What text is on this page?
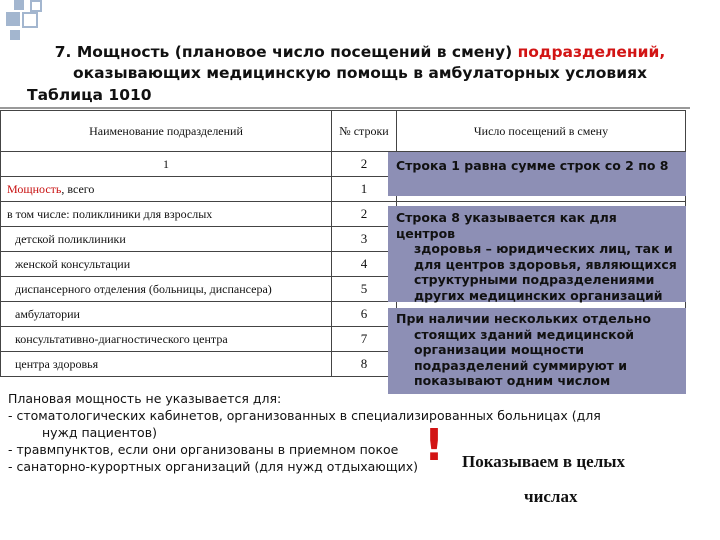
7. Мощность (плановое число посещений в смену) подразделений,
оказывающих медицинскую помощь в амбулаторных условиях
Таблица 1010
Наименование подразделений	№ строки	Число посещений в смену
1	2	
Мощность, всего	1	
в том числе: поликлиники для взрослых	2	
детской поликлиники	3	
женской консультации	4	
диспансерного отделения (больницы, диспансера)	5	
амбулатории	6	
консультативно-диагностического центра	7	
центра здоровья	8	
Строка 1 равна сумме строк со 2 по 8
Строка 8 указывается как для центров
здоровья – юридических лиц, так и
для центров здоровья, являющихся
структурными подразделениями
других медицинских организаций
При наличии нескольких отдельно
стоящих зданий медицинской
организации мощности
подразделений суммируют и
показывают одним числом
Плановая мощность не указывается для:
- стоматологических кабинетов, организованных в специализированных больницах (для
нужд пациентов)
- травмпунктов, если они организованы в приемном покое
- санаторно-курортных организаций (для нужд отдыхающих) ! Показываем в целых
числах
